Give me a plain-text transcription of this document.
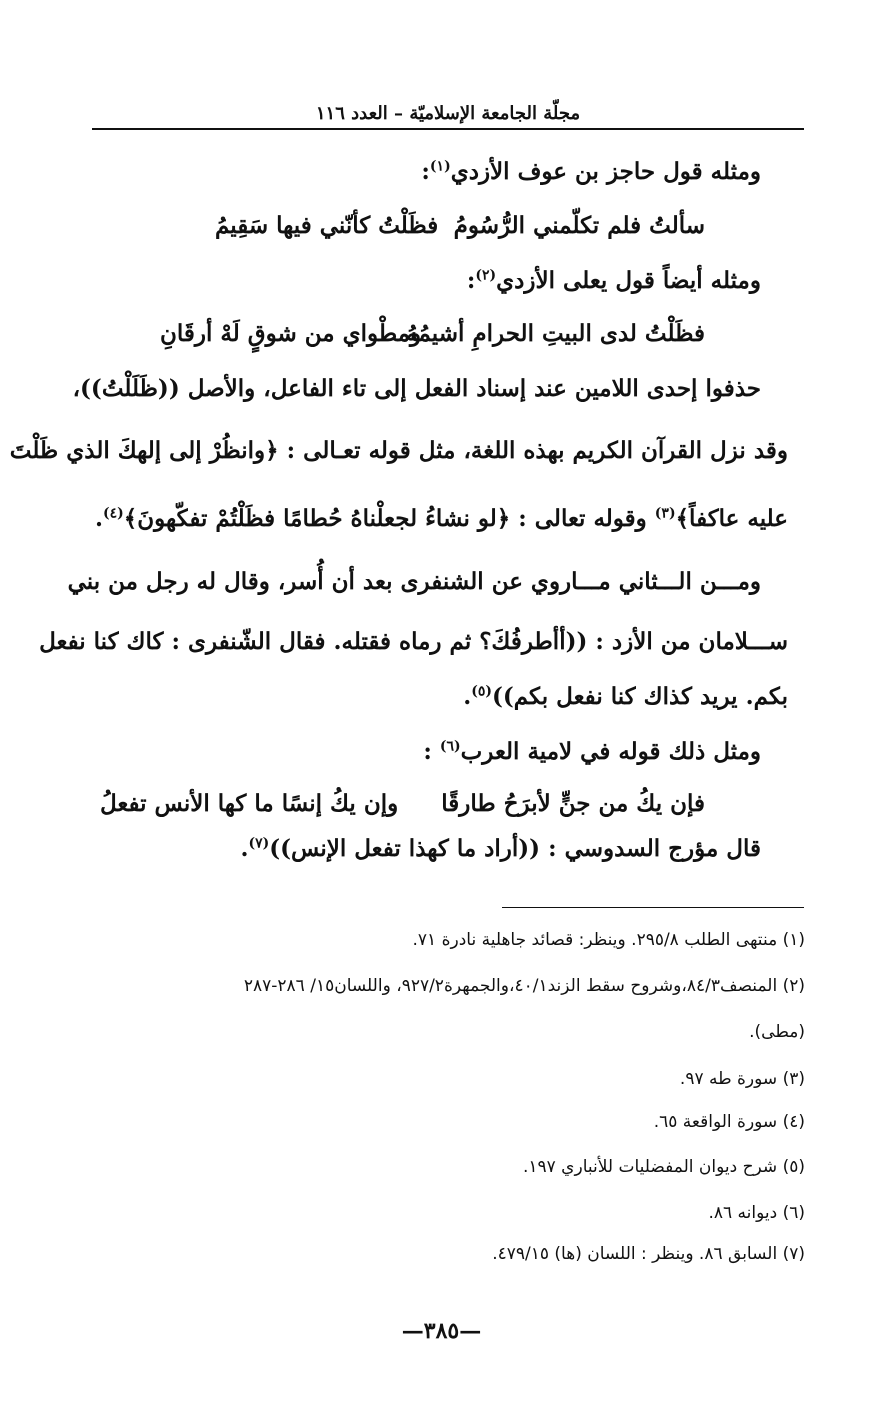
مجلّة الجامعة الإسلاميّة – العدد ١١٦
ومثله قول حاجز بن عوف الأزدي$^{(١)}$:
سألتُ فلم تكلّمني الرُّسُومُ
فظَلْتُ كأنّني فيها سَقِيمُ
ومثله أيضاً قول يعلى الأزدي$^{(٢)}$:
فظَلْتُ لدى البيتِ الحرامِ أشيمُهُ
ومطْواي من شوقٍ لَهْ أرقَانِ
حذفوا إحدى اللامين عند إسناد الفعل إلى تاء الفاعل، والأصل ((ظَلَلْتُ))،
وقد نزل القرآن الكريم بهذه اللغة، مثل قوله تعـالى : ﴿وانظُرْ إلى إلهكَ الذي ظَلْتَ
عليه عاكفاً﴾$^{(٣)}$ وقوله تعالى : ﴿لو نشاءُ لجعلْناهُ حُطامًا فظَلْتُمْ تفكّهونَ﴾$^{(٤)}$.
ومـــن الـــثاني مـــاروي عن الشنفرى بعد أن أُسر، وقال له رجل من بني
ســـلامان من الأزد : ((أأطرفُكَ؟ ثم رماه فقتله. فقال الشّنفرى : كاك كنا نفعل
بكم. يريد كذاك كنا نفعل بكم))$^{(٥)}$.
ومثل ذلك قوله في لامية العرب$^{(٦)}$ :
فإن يكُ من جنٍّ لأبرَحُ طارقًا
وإن يكُ إنسًا ما كها الأنس تفعلُ
قال مؤرج السدوسي : ((أراد ما كهذا تفعل الإنس))$^{(٧)}$.
(١) منتهى الطلب ٢٩٥/٨. وينظر: قصائد جاهلية نادرة ٧١.
(٢) المنصف٨٤/٣،وشروح سقط الزند٤٠/١،والجمهرة٩٢٧/٢، واللسان١٥/ ٢٨٦-٢٨٧
(مطى).
(٣) سورة طه ٩٧.
(٤) سورة الواقعة ٦٥.
(٥) شرح ديوان المفضليات للأنباري ١٩٧.
(٦) ديوانه ٨٦.
(٧) السابق ٨٦. وينظر : اللسان (ها) ٤٧٩/١٥.
—٣٨٥—
